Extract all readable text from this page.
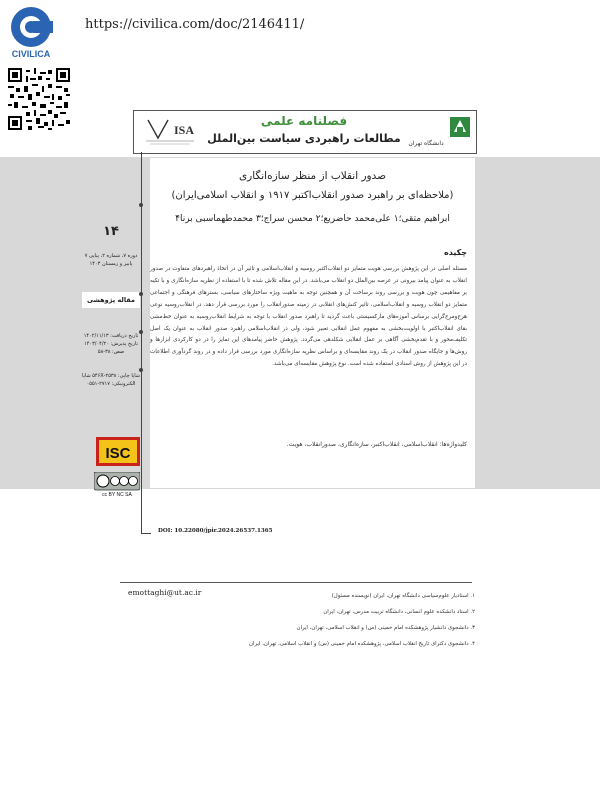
CIVILICA
https://civilica.com/doc/2146411/
ISA
فصلنامه علمی
مطالعات راهبردی سیاست بین‌الملل	دانشگاه تهران
۱۴
دوره ۷، شماره ۲، پیاپی ۷ پاییز و زمستان ۱۴۰۳
مقاله پژوهشی
تاریخ دریافت: ۱۴۰۲/۱۱/۱۳ تاریخ پذیرش: ۱۴۰۳/۰۴/۲۰ صص: ۳۸-۵۸
شاپا چاپی: ۲۵۳۸-۵۴۶X شاپا الکترونیکی: ۲۷۱۷-۰۵۵۱
ISC
cc BY NC SA
صدور انقلاب از منظر سازه‌انگاری
(ملاحظه‌ای بر راهبرد صدور انقلاب‌اکتبر ۱۹۱۷ و انقلاب اسلامی‌ایران)
ابراهیم متقی؛۱ علی‌محمد حاضریع؛۲ محسن سراج؛۳ محمدطهماسبی برنا۴
چکیده
مسئله اصلی در این پژوهش بررسی هویت متمایز دو انقلاب‌اکتبر روسیه و انقلاب‌اسلامی و تاثیر آن در اتخاذ راهبردهای متفاوت در صدور انقلاب به عنوان پیامد بیرونی در عرصه بین‌الملل دو انقلاب می‌باشد. در این مقاله تلاش شده تا با استفاده از نظریه سازه‌انگاری و با تکیه بر مفاهیمی چون هویت و بررسی روند برساخت آن و همچنین توجه به ماهیت ویژه ساختارهای سیاسی، بسترهای فرهنگی و اجتماعی متمایز دو انقلاب روسیه و انقلاب‌اسلامی، تاثیر کنش‌های انقلابی در زمینه صدورانقلاب را مورد بررسی قرار دهد. در انقلاب‌روسیه نوعی هرج‌ومرج‌گرایی برساس آموزه‌های مارکسیستی باعث گردید تا راهبرد صدور انقلاب با توجه به شرایط انقلاب‌روسیه به عنوان خط‌مشی بقای انقلاب‌اکتبر با اولویت‌بخشی به مفهوم عمل انقلابی تعبیر شود، ولی در انقلاب‌اسلامی راهبرد صدور انقلاب به عنوان یک اصل تکلیف‌محور و با تقدم‌بخشی آگاهی بر عمل انقلابی شکلدهی می‌گردد. پژوهش حاضر پیامدهای این تمایز را در دو کارکردی ابزارها و روش‌ها و جایگاه صدور انقلاب در یک روند مقایسه‌ای و براساس نظریه سازه‌انگاری مورد بررسی قرار داده و در روند گردآوری اطلاعات در این پژوهش از روش اسنادی استفاده شده است. نوع پژوهش مقایسه‌ای می‌باشد.
کلیدواژه‌ها: انقلاب‌اسلامی، انقلاب‌اکتبر، سازه‌انگاری، صدورانقلاب، هویت.
DOI: 10.22080/jpir.2024.26537.1365
emottaghi@ut.ac.ir	۱. استادیار علوم‌سیاسی دانشگاه تهران، ایران (نویسنده مسئول)
۲. استاد دانشکده علوم انسانی، دانشگاه تربیت مدرس، تهران، ایران
۳. دانشجوی دانشیار پژوهشکده امام خمینی (س) و انقلاب اسلامی، تهران، ایران
۴. دانشجوی دکترای تاریخ انقلاب اسلامی، پژوهشکده امام خمینی (س) و انقلاب اسلامی، تهران، ایران
